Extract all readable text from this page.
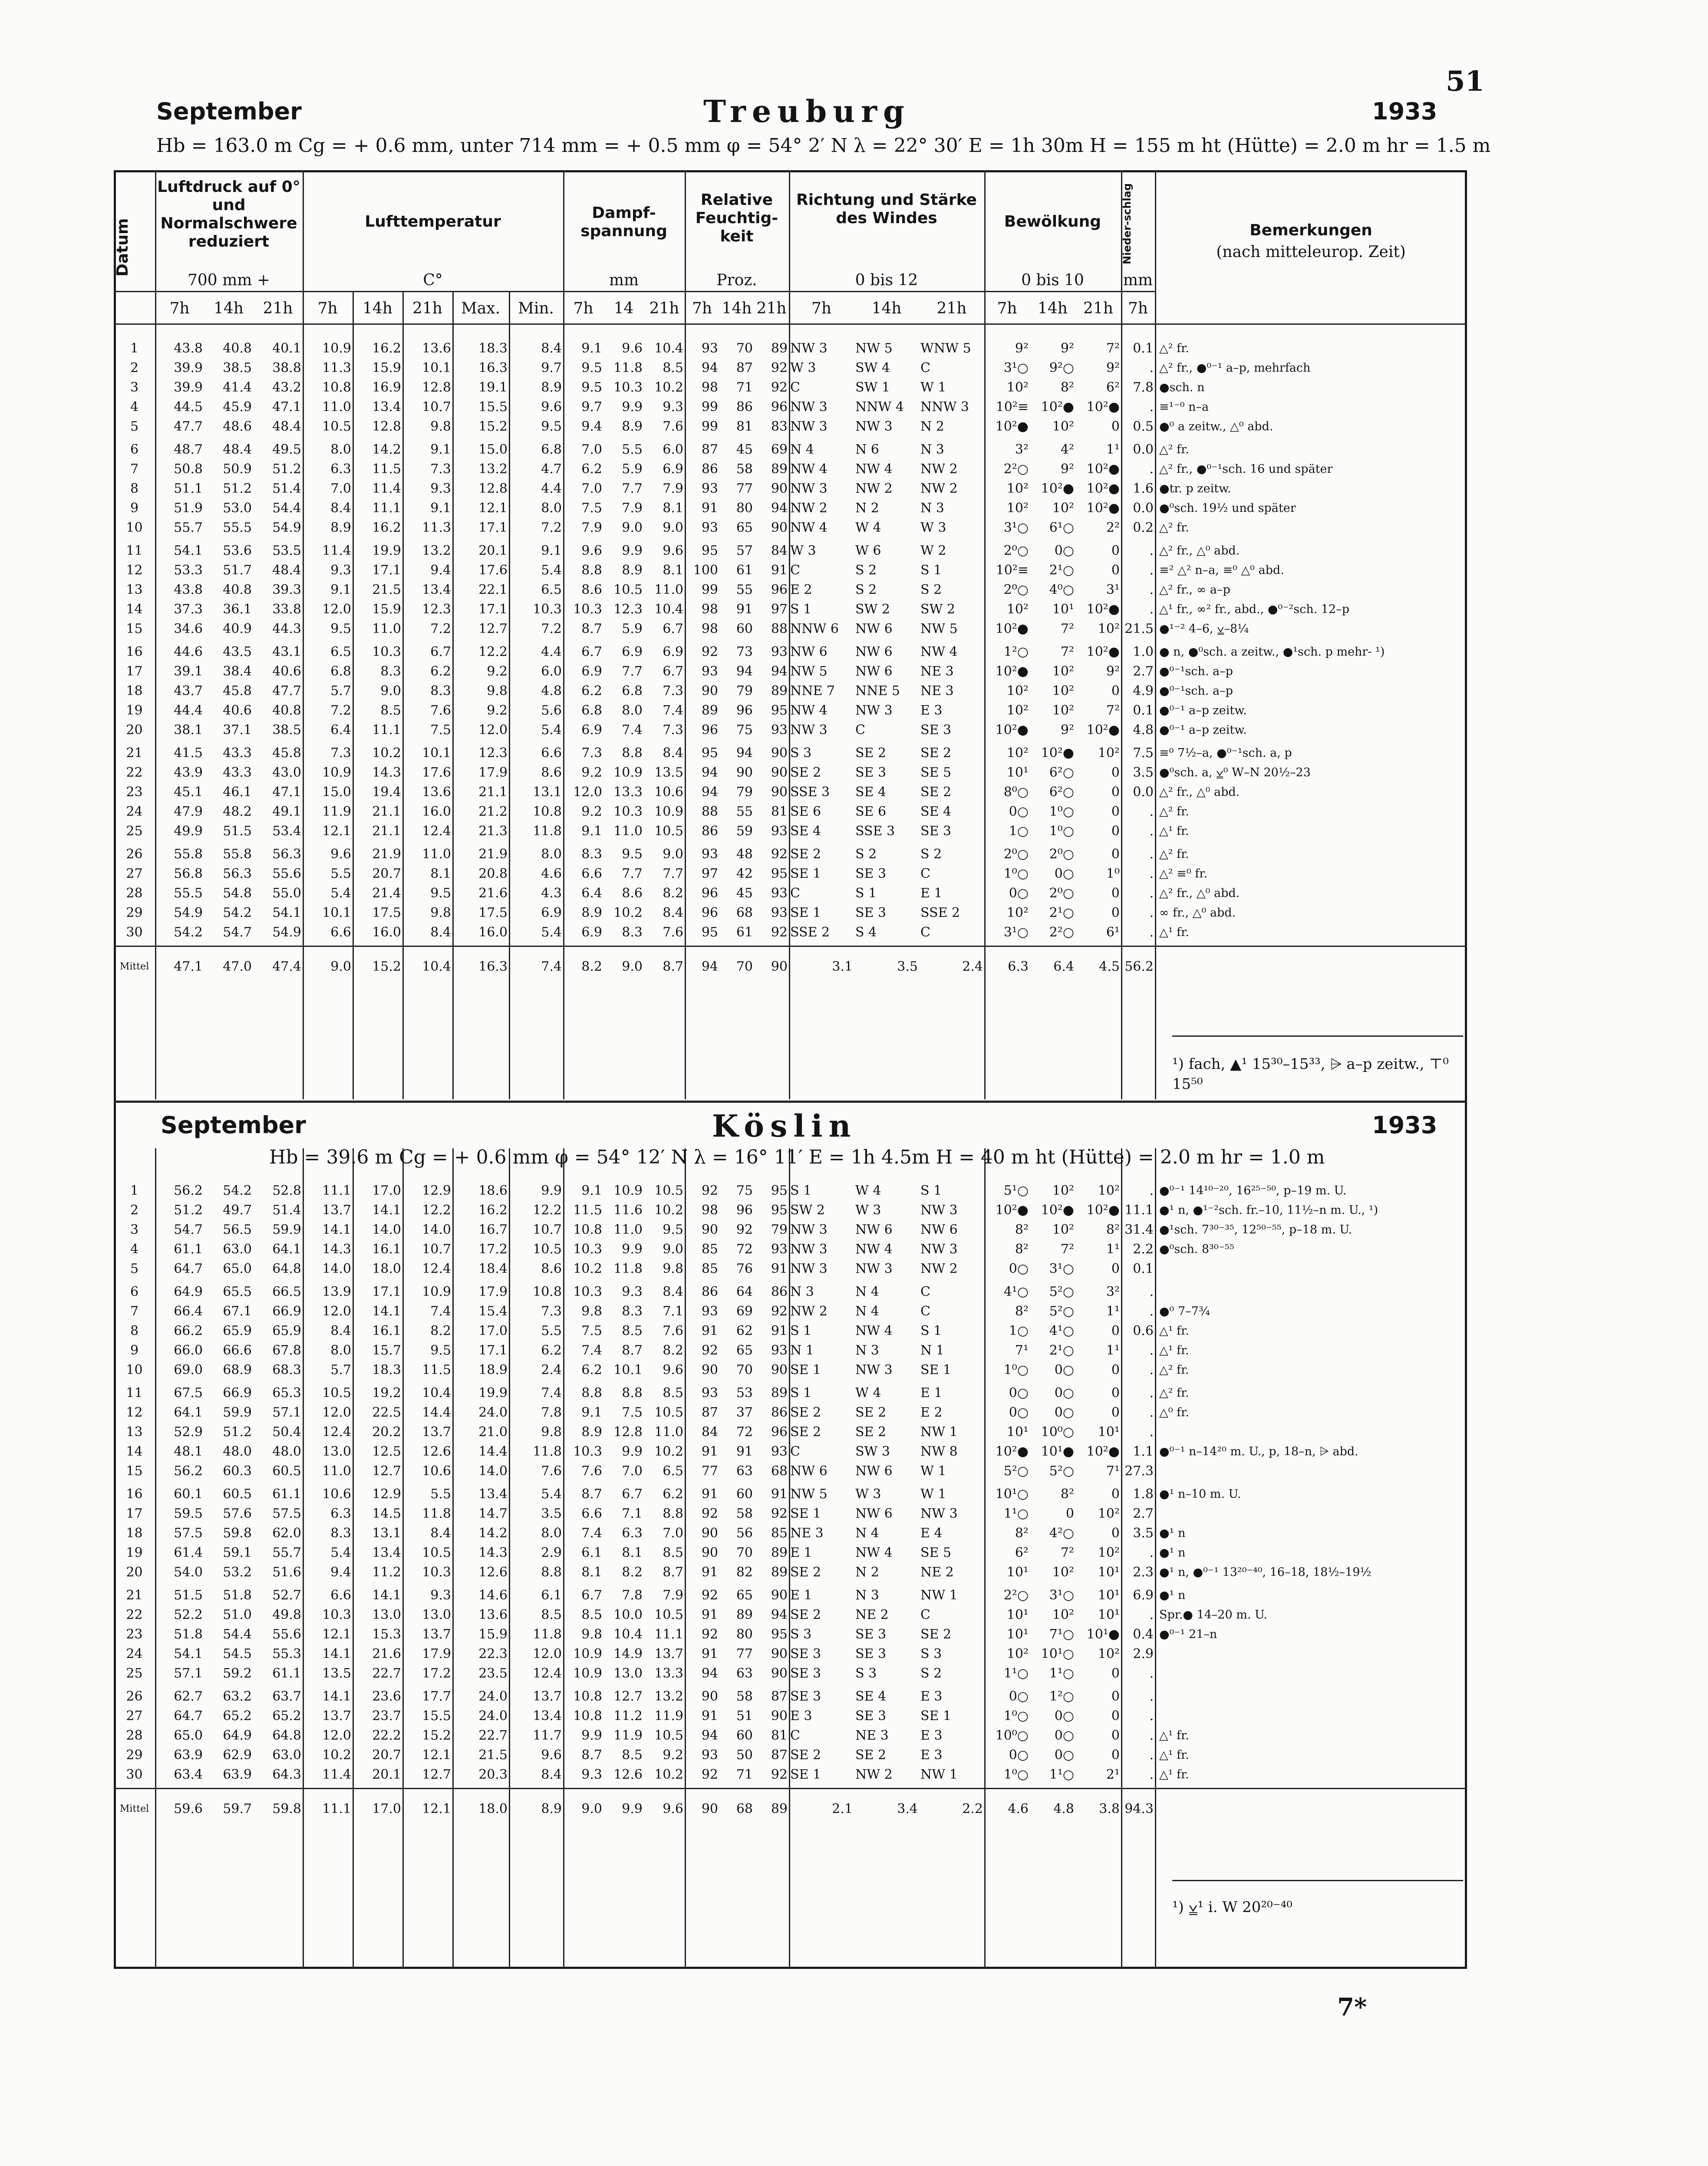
51
September	Treuburg	1933
Hb = 163.0 m Cg = + 0.6 mm, unter 714 mm = + 0.5 mm φ = 54° 2′ N λ = 22° 30′ E = 1h 30m H = 155 m ht (Hütte) = 2.0 m hr = 1.5 m
Datum
Luftdruck auf 0° und Normalschwere reduziert
700 mm +
Lufttemperatur
C°
Dampf-spannung
mm
Relative Feuchtig-keit
Proz.
Richtung und Stärke des Windes
0 bis 12
Bewölkung
0 bis 10
Nieder-schlag
mm
Bemerkungen
(nach mitteleurop. Zeit)
7h	14h	21h	7h	14h	21h	Max.	Min.	7h	14	21h 7h 14h 21h	7h	14h	21h	7h	14h	21h 7h
1	43.8	40.8	40.1	10.9	16.2	13.6	18.3	8.4	9.1	9.6	10.4	93	70	89	NW 3	NW 5	WNW 5	9²	9²	7²	0.1	△² fr.
2	39.9	38.5	38.8	11.3	15.9	10.1	16.3	9.7	9.5	11.8	8.5	94	87	92	W 3	SW 4	C	3¹○	9²○	9²	.	△² fr., ●⁰⁻¹ a–p, mehrfach
3	39.9	41.4	43.2	10.8	16.9	12.8	19.1	8.9	9.5	10.3	10.2	98	71	92	C	SW 1	W 1	10²	8²	6²	7.8	●sch. n
4	44.5	45.9	47.1	11.0	13.4	10.7	15.5	9.6	9.7	9.9	9.3	99	86	96	NW 3	NNW 4	NNW 3	10²≡	10²●	10²●	.	≡¹⁻⁰ n–a
5	47.7	48.6	48.4	10.5	12.8	9.8	15.2	9.5	9.4	8.9	7.6	99	81	83	NW 3	NW 3	N 2	10²●	10²	0	0.5	●⁰ a zeitw., △⁰ abd.

6	48.7	48.4	49.5	8.0	14.2	9.1	15.0	6.8	7.0	5.5	6.0	87	45	69	N 4	N 6	N 3	3²	4²	1¹	0.0	△² fr.
7	50.8	50.9	51.2	6.3	11.5	7.3	13.2	4.7	6.2	5.9	6.9	86	58	89	NW 4	NW 4	NW 2	2²○	9²	10²●	.	△² fr., ●⁰⁻¹sch. 16 und später
8	51.1	51.2	51.4	7.0	11.4	9.3	12.8	4.4	7.0	7.7	7.9	93	77	90	NW 3	NW 2	NW 2	10²	10²●	10²●	1.6	●tr. p zeitw.
9	51.9	53.0	54.4	8.4	11.1	9.1	12.1	8.0	7.5	7.9	8.1	91	80	94	NW 2	N 2	N 3	10²	10²	10²●	0.0	●⁰sch. 19½ und später
10	55.7	55.5	54.9	8.9	16.2	11.3	17.1	7.2	7.9	9.0	9.0	93	65	90	NW 4	W 4	W 3	3¹○	6¹○	2²	0.2	△² fr.

11	54.1	53.6	53.5	11.4	19.9	13.2	20.1	9.1	9.6	9.9	9.6	95	57	84	W 3	W 6	W 2	2⁰○	0○	0	.	△² fr., △⁰ abd.
12	53.3	51.7	48.4	9.3	17.1	9.4	17.6	5.4	8.8	8.9	8.1	100	61	91	C	S 2	S 1	10²≡	2¹○	0	.	≡² △² n–a, ≡⁰ △⁰ abd.
13	43.8	40.8	39.3	9.1	21.5	13.4	22.1	6.5	8.6	10.5	11.0	99	55	96	E 2	S 2	S 2	2⁰○	4⁰○	3¹	.	△² fr., ∞ a–p
14	37.3	36.1	33.8	12.0	15.9	12.3	17.1	10.3	10.3	12.3	10.4	98	91	97	S 1	SW 2	SW 2	10²	10¹	10²●	.	△¹ fr., ∞² fr., abd., ●⁰⁻²sch. 12–p
15	34.6	40.9	44.3	9.5	11.0	7.2	12.7	7.2	8.7	5.9	6.7	98	60	88	NNW 6	NW 6	NW 5	10²●	7²	10²	21.5	●¹⁻² 4–6, ⩣–8¼

16	44.6	43.5	43.1	6.5	10.3	6.7	12.2	4.4	6.7	6.9	6.9	92	73	93	NW 6	NW 6	NW 4	1²○	7²	10²●	1.0	● n, ●⁰sch. a zeitw., ●¹sch. p mehr- ¹)
17	39.1	38.4	40.6	6.8	8.3	6.2	9.2	6.0	6.9	7.7	6.7	93	94	94	NW 5	NW 6	NE 3	10²●	10²	9²	2.7	●⁰⁻¹sch. a–p
18	43.7	45.8	47.7	5.7	9.0	8.3	9.8	4.8	6.2	6.8	7.3	90	79	89	NNE 7	NNE 5	NE 3	10²	10²	0	4.9	●⁰⁻¹sch. a–p
19	44.4	40.6	40.8	7.2	8.5	7.6	9.2	5.6	6.8	8.0	7.4	89	96	95	NW 4	NW 3	E 3	10²	10²	7²	0.1	●⁰⁻¹ a–p zeitw.
20	38.1	37.1	38.5	6.4	11.1	7.5	12.0	5.4	6.9	7.4	7.3	96	75	93	NW 3	C	SE 3	10²●	9²	10²●	4.8	●⁰⁻¹ a–p zeitw.

21	41.5	43.3	45.8	7.3	10.2	10.1	12.3	6.6	7.3	8.8	8.4	95	94	90	S 3	SE 2	SE 2	10²	10²●	10²	7.5	≡⁰ 7½–a, ●⁰⁻¹sch. a, p
22	43.9	43.3	43.0	10.9	14.3	17.6	17.9	8.6	9.2	10.9	13.5	94	90	90	SE 2	SE 3	SE 5	10¹	6²○	0	3.5	●⁰sch. a, ⩣⁰ W–N 20½–23
23	45.1	46.1	47.1	15.0	19.4	13.6	21.1	13.1	12.0	13.3	10.6	94	79	90	SSE 3	SE 4	SE 2	8⁰○	6²○	0	0.0	△² fr., △⁰ abd.
24	47.9	48.2	49.1	11.9	21.1	16.0	21.2	10.8	9.2	10.3	10.9	88	55	81	SE 6	SE 6	SE 4	0○	1⁰○	0	.	△² fr.
25	49.9	51.5	53.4	12.1	21.1	12.4	21.3	11.8	9.1	11.0	10.5	86	59	93	SE 4	SSE 3	SE 3	1○	1⁰○	0	.	△¹ fr.

26	55.8	55.8	56.3	9.6	21.9	11.0	21.9	8.0	8.3	9.5	9.0	93	48	92	SE 2	S 2	S 2	2⁰○	2⁰○	0	.	△² fr.
27	56.8	56.3	55.6	5.5	20.7	8.1	20.8	4.6	6.6	7.7	7.7	97	42	95	SE 1	SE 3	C	1⁰○	0○	1⁰	.	△² ≡⁰ fr.
28	55.5	54.8	55.0	5.4	21.4	9.5	21.6	4.3	6.4	8.6	8.2	96	45	93	C	S 1	E 1	0○	2⁰○	0	.	△² fr., △⁰ abd.
29	54.9	54.2	54.1	10.1	17.5	9.8	17.5	6.9	8.9	10.2	8.4	96	68	93	SE 1	SE 3	SSE 2	10²	2¹○	0	.	∞ fr., △⁰ abd.
30	54.2	54.7	54.9	6.6	16.0	8.4	16.0	5.4	6.9	8.3	7.6	95	61	92	SSE 2	S 4	C	3¹○	2²○	6¹	.	△¹ fr.

Mittel	47.1	47.0	47.4	9.0	15.2	10.4	16.3	7.4	8.2	9.0	8.7	94	70	90	3.1	3.5	2.4	6.3	6.4	4.5	56.2	
¹) fach, ▲¹ 15³⁰–15³³, ⩥ a–p zeitw., ⊤⁰ 15⁵⁰
September	Köslin	1933
Hb = 39.6 m Cg = + 0.6 mm φ = 54° 12′ N λ = 16° 11′ E = 1h 4.5m H = 40 m ht (Hütte) = 2.0 m hr = 1.0 m
1	56.2	54.2	52.8	11.1	17.0	12.9	18.6	9.9	9.1	10.9	10.5	92	75	95	S 1	W 4	S 1	5¹○	10²	10²	.	●⁰⁻¹ 14¹⁰⁻²⁰, 16²⁵⁻⁵⁰, p–19 m. U.
2	51.2	49.7	51.4	13.7	14.1	12.2	16.2	12.2	11.5	11.6	10.2	98	96	95	SW 2	W 3	NW 3	10²●	10²●	10²●	11.1	●¹ n, ●¹⁻²sch. fr.–10, 11½–n m. U., ¹)
3	54.7	56.5	59.9	14.1	14.0	14.0	16.7	10.7	10.8	11.0	9.5	90	92	79	NW 3	NW 6	NW 6	8²	10²	8²	31.4	●¹sch. 7³⁰⁻³⁵, 12⁵⁰⁻⁵⁵, p–18 m. U.
4	61.1	63.0	64.1	14.3	16.1	10.7	17.2	10.5	10.3	9.9	9.0	85	72	93	NW 3	NW 4	NW 3	8²	7²	1¹	2.2	●⁰sch. 8³⁰⁻⁵⁵
5	64.7	65.0	64.8	14.0	18.0	12.4	18.4	8.6	10.2	11.8	9.8	85	76	91	NW 3	NW 3	NW 2	0○	3¹○	0	0.1	

6	64.9	65.5	66.5	13.9	17.1	10.9	17.9	10.8	10.3	9.3	8.4	86	64	86	N 3	N 4	C	4¹○	5²○	3²	.	
7	66.4	67.1	66.9	12.0	14.1	7.4	15.4	7.3	9.8	8.3	7.1	93	69	92	NW 2	N 4	C	8²	5²○	1¹	.	●⁰ 7–7¾
8	66.2	65.9	65.9	8.4	16.1	8.2	17.0	5.5	7.5	8.5	7.6	91	62	91	S 1	NW 4	S 1	1○	4¹○	0	0.6	△¹ fr.
9	66.0	66.6	67.8	8.0	15.7	9.5	17.1	6.2	7.4	8.7	8.2	92	65	93	N 1	N 3	N 1	7¹	2¹○	1¹	.	△¹ fr.
10	69.0	68.9	68.3	5.7	18.3	11.5	18.9	2.4	6.2	10.1	9.6	90	70	90	SE 1	NW 3	SE 1	1⁰○	0○	0	.	△² fr.

11	67.5	66.9	65.3	10.5	19.2	10.4	19.9	7.4	8.8	8.8	8.5	93	53	89	S 1	W 4	E 1	0○	0○	0	.	△² fr.
12	64.1	59.9	57.1	12.0	22.5	14.4	24.0	7.8	9.1	7.5	10.5	87	37	86	SE 2	SE 2	E 2	0○	0○	0	.	△⁰ fr.
13	52.9	51.2	50.4	12.4	20.2	13.7	21.0	9.8	8.9	12.8	11.0	84	72	96	SE 2	SE 2	NW 1	10¹	10⁰○	10¹	.	
14	48.1	48.0	48.0	13.0	12.5	12.6	14.4	11.8	10.3	9.9	10.2	91	91	93	C	SW 3	NW 8	10²●	10¹●	10²●	1.1	●⁰⁻¹ n–14²⁰ m. U., p, 18–n, ⩥ abd.
15	56.2	60.3	60.5	11.0	12.7	10.6	14.0	7.6	7.6	7.0	6.5	77	63	68	NW 6	NW 6	W 1	5²○	5²○	7¹	27.3	

16	60.1	60.5	61.1	10.6	12.9	5.5	13.4	5.4	8.7	6.7	6.2	91	60	91	NW 5	W 3	W 1	10¹○	8²	0	1.8	●¹ n–10 m. U.
17	59.5	57.6	57.5	6.3	14.5	11.8	14.7	3.5	6.6	7.1	8.8	92	58	92	SE 1	NW 6	NW 3	1¹○	0	10²	2.7	
18	57.5	59.8	62.0	8.3	13.1	8.4	14.2	8.0	7.4	6.3	7.0	90	56	85	NE 3	N 4	E 4	8²	4²○	0	3.5	●¹ n
19	61.4	59.1	55.7	5.4	13.4	10.5	14.3	2.9	6.1	8.1	8.5	90	70	89	E 1	NW 4	SE 5	6²	7²	10²	.	●¹ n
20	54.0	53.2	51.6	9.4	11.2	10.3	12.6	8.8	8.1	8.2	8.7	91	82	89	SE 2	N 2	NE 2	10¹	10²	10¹	2.3	●¹ n, ●⁰⁻¹ 13²⁰⁻⁴⁰, 16–18, 18½–19½

21	51.5	51.8	52.7	6.6	14.1	9.3	14.6	6.1	6.7	7.8	7.9	92	65	90	E 1	N 3	NW 1	2²○	3¹○	10¹	6.9	●¹ n
22	52.2	51.0	49.8	10.3	13.0	13.0	13.6	8.5	8.5	10.0	10.5	91	89	94	SE 2	NE 2	C	10¹	10²	10¹	.	Spr.● 14–20 m. U.
23	51.8	54.4	55.6	12.1	15.3	13.7	15.9	11.8	9.8	10.4	11.1	92	80	95	S 3	SE 3	SE 2	10¹	7¹○	10¹●	0.4	●⁰⁻¹ 21–n
24	54.1	54.5	55.3	14.1	21.6	17.9	22.3	12.0	10.9	14.9	13.7	91	77	90	SE 3	SE 3	S 3	10²	10¹○	10²	2.9	
25	57.1	59.2	61.1	13.5	22.7	17.2	23.5	12.4	10.9	13.0	13.3	94	63	90	SE 3	S 3	S 2	1¹○	1¹○	0	.	

26	62.7	63.2	63.7	14.1	23.6	17.7	24.0	13.7	10.8	12.7	13.2	90	58	87	SE 3	SE 4	E 3	0○	1²○	0	.	
27	64.7	65.2	65.2	13.7	23.7	15.5	24.0	13.4	10.8	11.2	11.9	91	51	90	E 3	SE 3	SE 1	1⁰○	0○	0	.	
28	65.0	64.9	64.8	12.0	22.2	15.2	22.7	11.7	9.9	11.9	10.5	94	60	81	C	NE 3	E 3	10⁰○	0○	0	.	△¹ fr.
29	63.9	62.9	63.0	10.2	20.7	12.1	21.5	9.6	8.7	8.5	9.2	93	50	87	SE 2	SE 2	E 3	0○	0○	0	.	△¹ fr.
30	63.4	63.9	64.3	11.4	20.1	12.7	20.3	8.4	9.3	12.6	10.2	92	71	92	SE 1	NW 2	NW 1	1⁰○	1¹○	2¹	.	△¹ fr.

Mittel	59.6	59.7	59.8	11.1	17.0	12.1	18.0	8.9	9.0	9.9	9.6	90	68	89	2.1	3.4	2.2	4.6	4.8	3.8	94.3	
¹) ⩣¹ i. W 20²⁰⁻⁴⁰
7*
